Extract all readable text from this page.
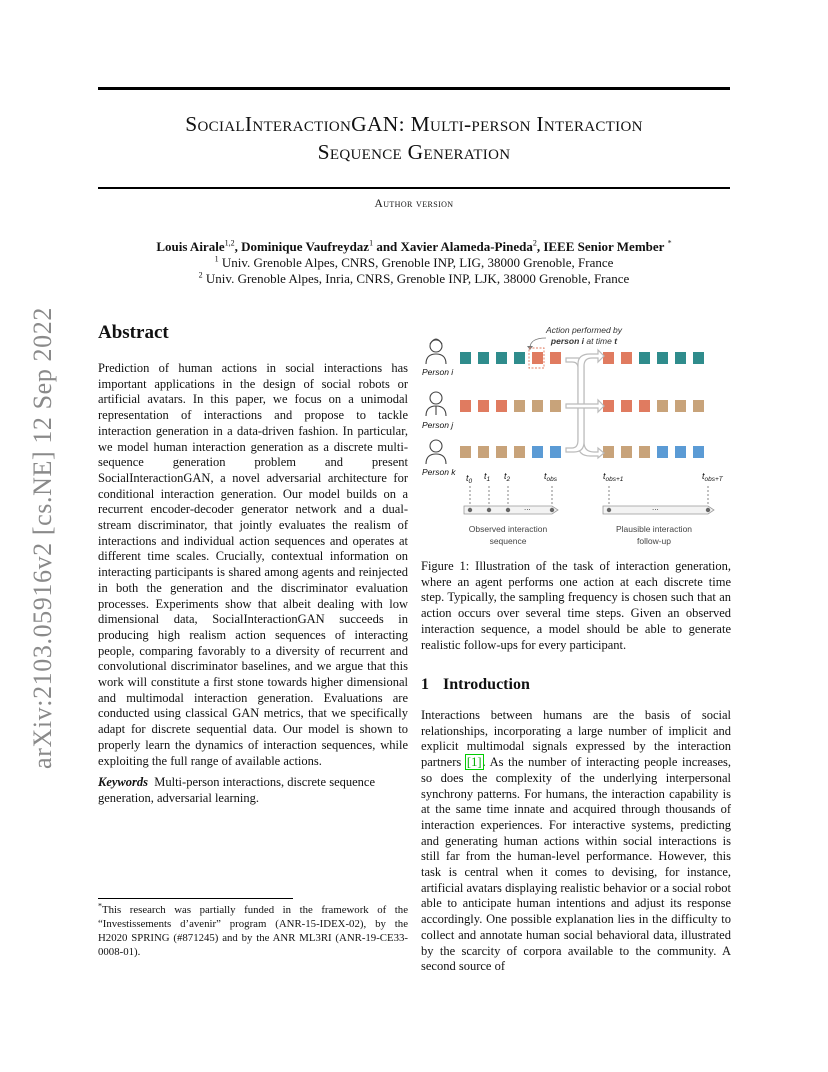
SocialInteractionGAN: Multi-person Interaction
Sequence Generation
Author version
Louis Airale$^{1,2}$, Dominique Vaufreydaz$^1$ and Xavier Alameda-Pineda$^2$, IEEE Senior Member *
$^1$ Univ. Grenoble Alpes, CNRS, Grenoble INP, LIG, 38000 Grenoble, France
$^2$ Univ. Grenoble Alpes, Inria, CNRS, Grenoble INP, LJK, 38000 Grenoble, France
arXiv:2103.05916v2 [cs.NE] 12 Sep 2022	Abstract

Prediction of human actions in social interactions has important applications in the design of social robots or artificial avatars. In this paper, we focus on a unimodal representation of interactions and propose to tackle interaction generation in a data-driven fashion. In particular, we model human interaction generation as a discrete multi-sequence generation problem and present SocialInteractionGAN, a novel adversarial architecture for conditional interaction generation. Our model builds on a recurrent encoder-decoder generator network and a dual-stream discriminator, that jointly evaluates the realism of interactions and individual action sequences and operates at different time scales. Crucially, contextual information on interacting participants is shared among agents and reinjected in both the generation and the discriminator evaluation processes. Experiments show that albeit dealing with low dimensional data, SocialInteractionGAN succeeds in producing high realism action sequences of interacting people, comparing favorably to a diversity of recurrent and convolutional discriminator baselines, and we argue that this work will constitute a first stone towards higher dimensional and multimodal interaction generation. Evaluations are conducted using classical GAN metrics, that we specifically adapt for discrete sequential data. Our model is shown to properly learn the dynamics of interaction sequences, while exploiting the full range of available actions.

Keywords Multi-person interactions, discrete sequence generation, adversarial learning.
*This research was partially funded in the framework of the “Investissements d’avenir” program (ANR-15-IDEX-02), by the H2020 SPRING (#871245) and by the ANR ML3RI (ANR-19-CE33-0008-01).
Action performed by
person i at time t
Person i
Person j
Person k
$t_0$
$t_1$ $t_2$	$t_{obs}$	$t_{obs+1}$	$t_{obs+T}$
...	...
Observed interaction
sequence
Plausible interaction
follow-up

Figure 1: Illustration of the task of interaction generation, where an agent performs one action at each discrete time step. Typically, the sampling frequency is chosen such that an action occurs over several time steps. Given an observed interaction sequence, a model should be able to generate realistic follow-ups for every participant.

1 Introduction

Interactions between humans are the basis of social relationships, incorporating a large number of implicit and explicit multimodal signals expressed by the interaction partners [1]. As the number of interacting people increases, so does the complexity of the underlying interpersonal synchrony patterns. For humans, the interaction capability is at the same time innate and acquired through thousands of interaction experiences. For interactive systems, predicting and generating human actions within social interactions is still far from the human-level performance. However, this task is central when it comes to devising, for instance, artificial avatars displaying realistic behavior or a social robot able to anticipate human intentions and adjust its response accordingly. One possible explanation lies in the difficulty to collect and annotate human social behavioral data, illustrated by the scarcity of corpora available to the community. A second source of
